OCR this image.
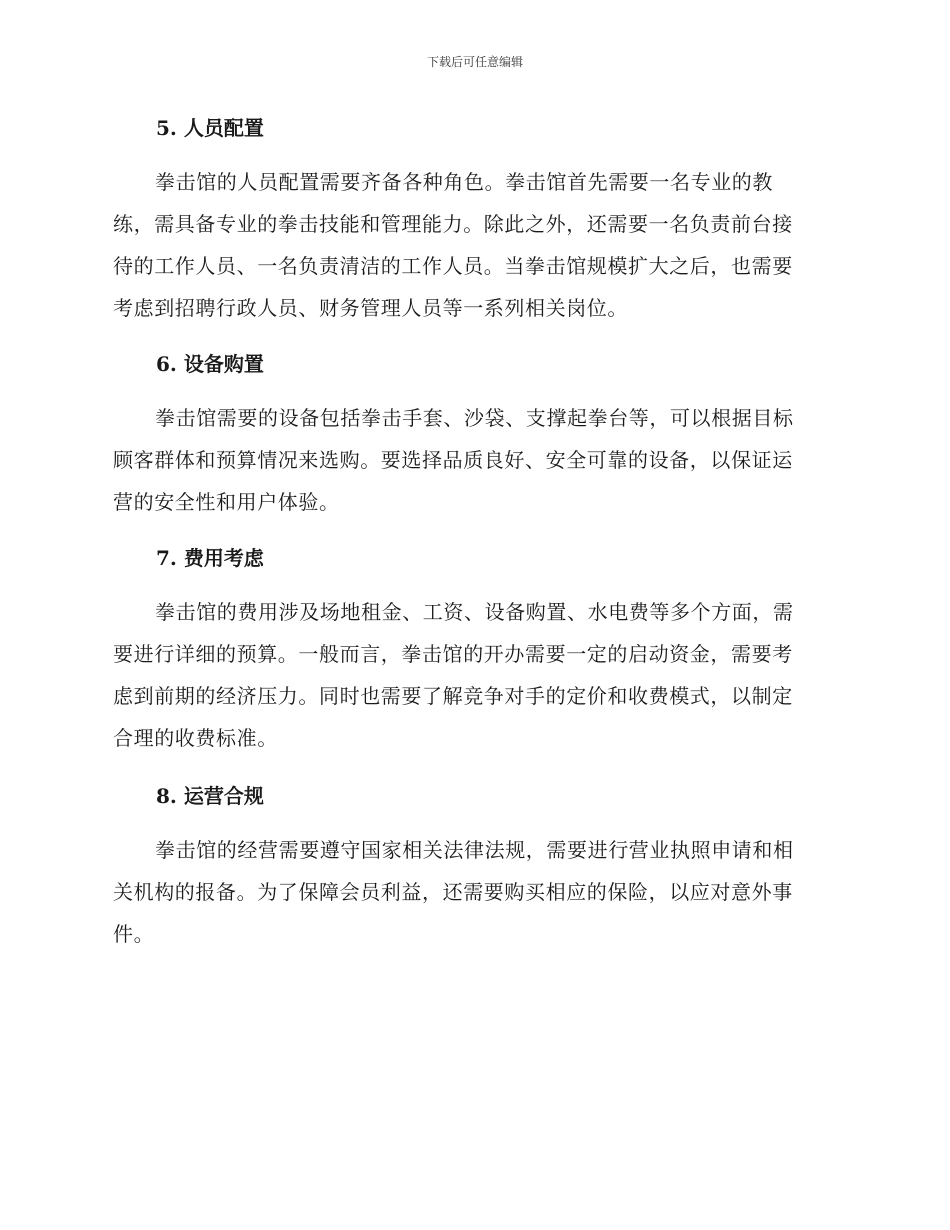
下载后可任意编辑
5. 人员配置

拳击馆的人员配置需要齐备各种角色。拳击馆首先需要一名专业的教
练，需具备专业的拳击技能和管理能力。除此之外，还需要一名负责前台接
待的工作人员、一名负责清洁的工作人员。当拳击馆规模扩大之后，也需要
考虑到招聘行政人员、财务管理人员等一系列相关岗位。

6. 设备购置

拳击馆需要的设备包括拳击手套、沙袋、支撑起拳台等，可以根据目标
顾客群体和预算情况来选购。要选择品质良好、安全可靠的设备，以保证运
营的安全性和用户体验。

7. 费用考虑

拳击馆的费用涉及场地租金、工资、设备购置、水电费等多个方面，需
要进行详细的预算。一般而言，拳击馆的开办需要一定的启动资金，需要考
虑到前期的经济压力。同时也需要了解竞争对手的定价和收费模式，以制定
合理的收费标准。

8. 运营合规

拳击馆的经营需要遵守国家相关法律法规，需要进行营业执照申请和相
关机构的报备。为了保障会员利益，还需要购买相应的保险，以应对意外事
件。
